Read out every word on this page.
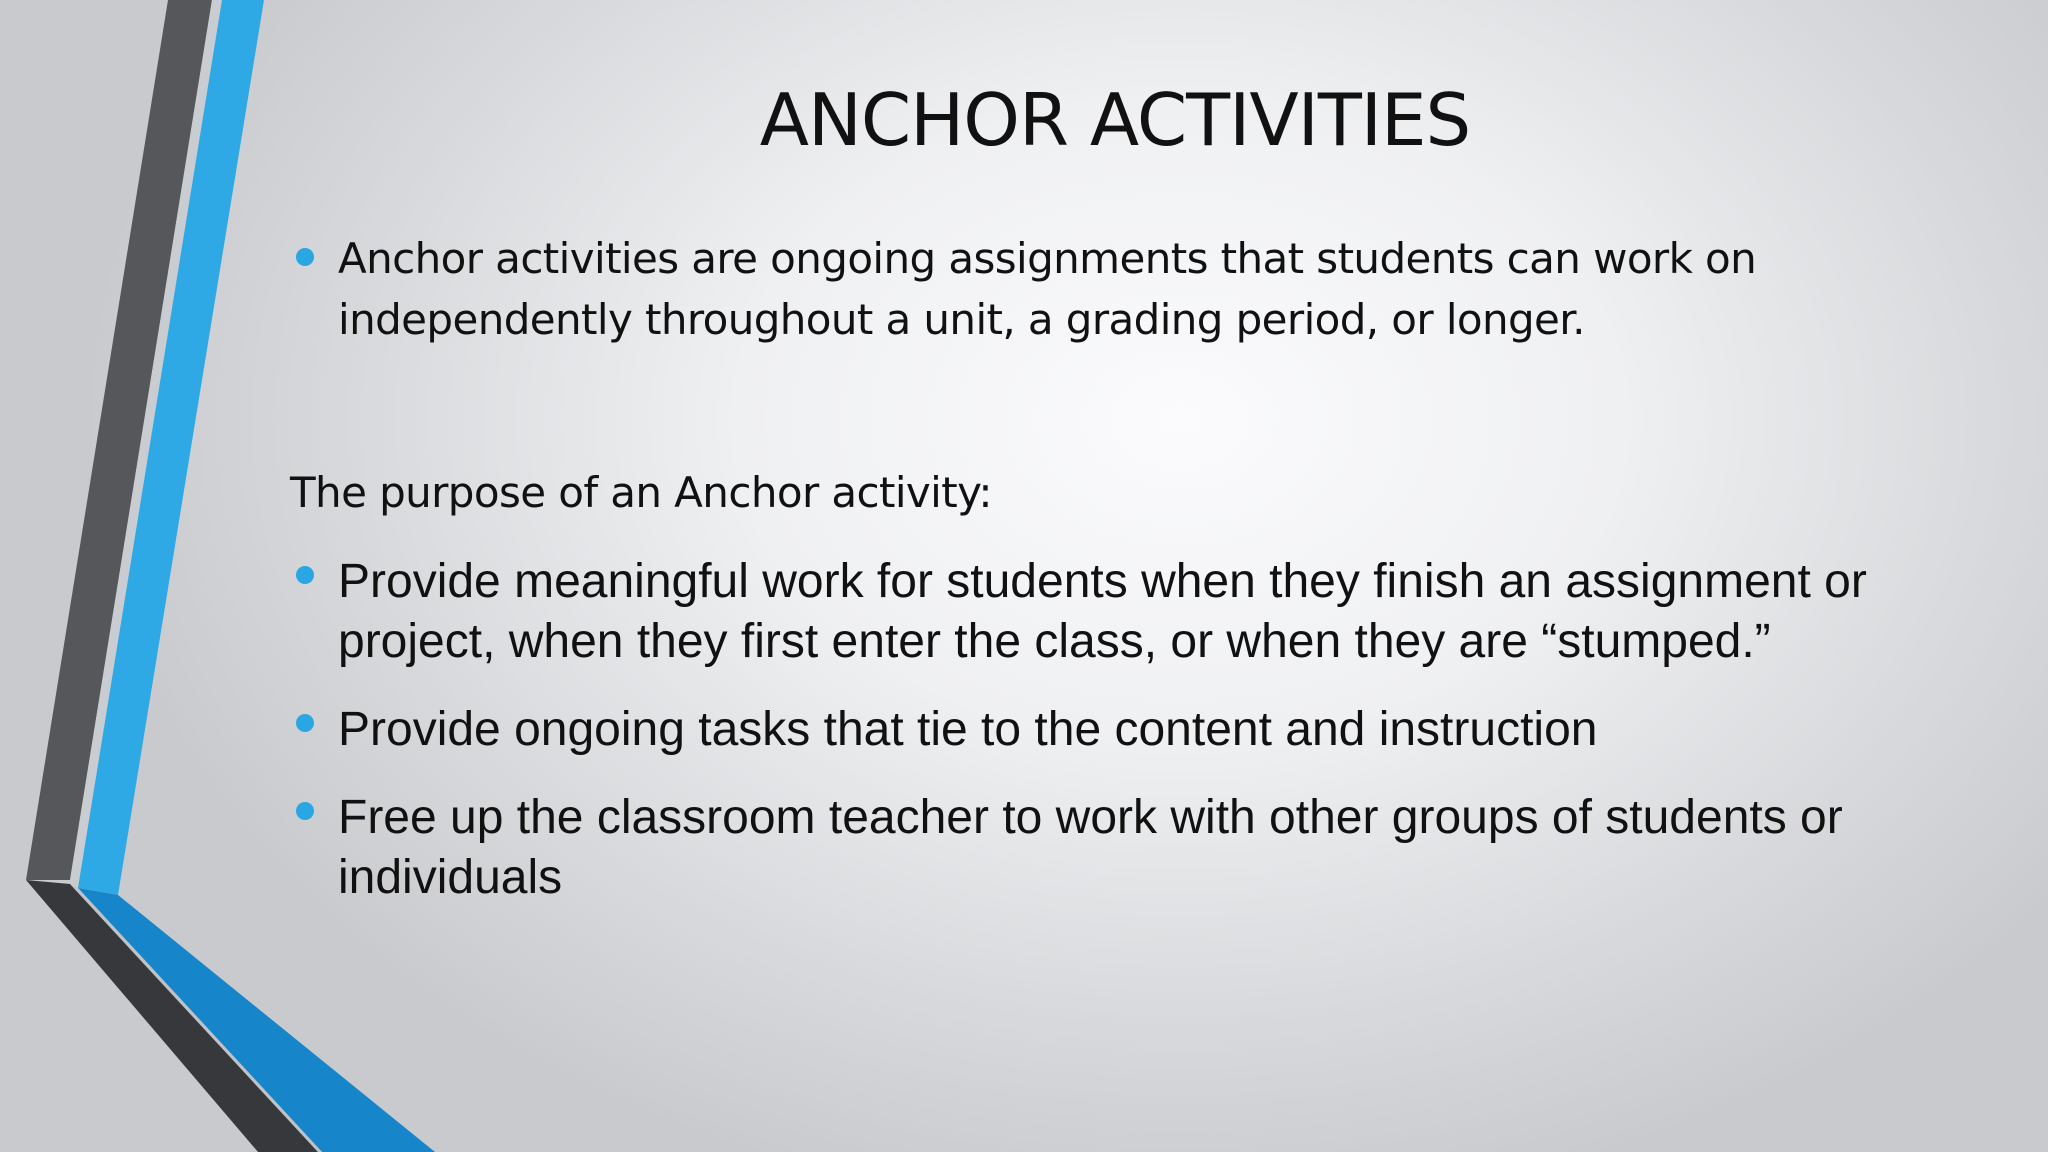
ANCHOR ACTIVITIES
Anchor activities are ongoing assignments that students can work on independently throughout a unit, a grading period, or longer.
The purpose of an Anchor activity:
Provide meaningful work for students when they finish an assignment or project, when they first enter the class, or when they are “stumped.”
Provide ongoing tasks that tie to the content and instruction
Free up the classroom teacher to work with other groups of students or individuals
